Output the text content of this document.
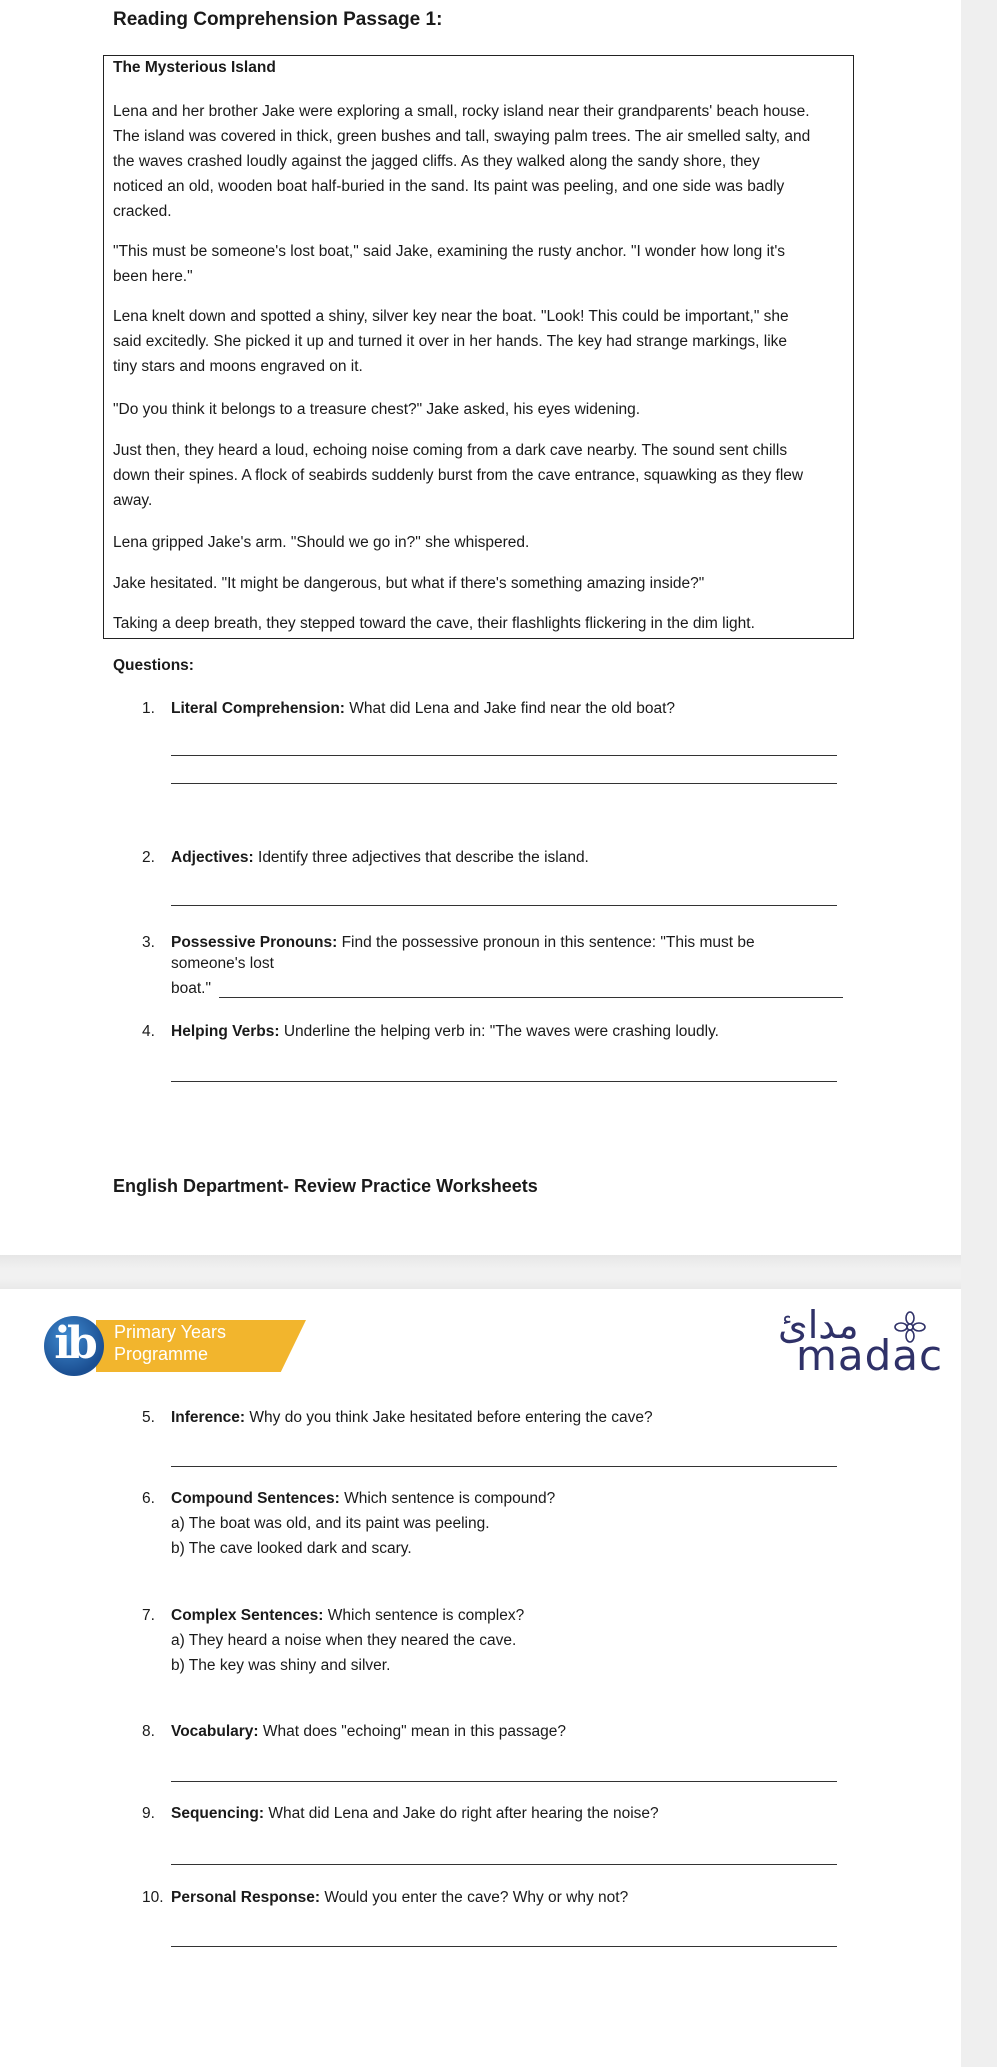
Reading Comprehension Passage 1:
The Mysterious Island
Lena and her brother Jake were exploring a small, rocky island near their grandparents' beach house.
The island was covered in thick, green bushes and tall, swaying palm trees. The air smelled salty, and
the waves crashed loudly against the jagged cliffs. As they walked along the sandy shore, they
noticed an old, wooden boat half-buried in the sand. Its paint was peeling, and one side was badly
cracked.
"This must be someone's lost boat," said Jake, examining the rusty anchor. "I wonder how long it's
been here."
Lena knelt down and spotted a shiny, silver key near the boat. "Look! This could be important," she
said excitedly. She picked it up and turned it over in her hands. The key had strange markings, like
tiny stars and moons engraved on it.
"Do you think it belongs to a treasure chest?" Jake asked, his eyes widening.
Just then, they heard a loud, echoing noise coming from a dark cave nearby. The sound sent chills
down their spines. A flock of seabirds suddenly burst from the cave entrance, squawking as they flew
away.
Lena gripped Jake's arm. "Should we go in?" she whispered.
Jake hesitated. "It might be dangerous, but what if there's something amazing inside?"
Taking a deep breath, they stepped toward the cave, their flashlights flickering in the dim light.
Questions:
1. Literal Comprehension: What did Lena and Jake find near the old boat?
2. Adjectives: Identify three adjectives that describe the island.
3. Possessive Pronouns: Find the possessive pronoun in this sentence: "This must be
someone's lost
boat."
4. Helping Verbs: Underline the helping verb in: "The waves were crashing loudly.
English Department- Review Practice Worksheets
ib	Primary Years
Programme
مدائ
madac
5. Inference: Why do you think Jake hesitated before entering the cave?
6. Compound Sentences: Which sentence is compound?
a) The boat was old, and its paint was peeling.
b) The cave looked dark and scary.
7. Complex Sentences: Which sentence is complex?
a) They heard a noise when they neared the cave.
b) The key was shiny and silver.
8. Vocabulary: What does "echoing" mean in this passage?
9. Sequencing: What did Lena and Jake do right after hearing the noise?
10. Personal Response: Would you enter the cave? Why or why not?
